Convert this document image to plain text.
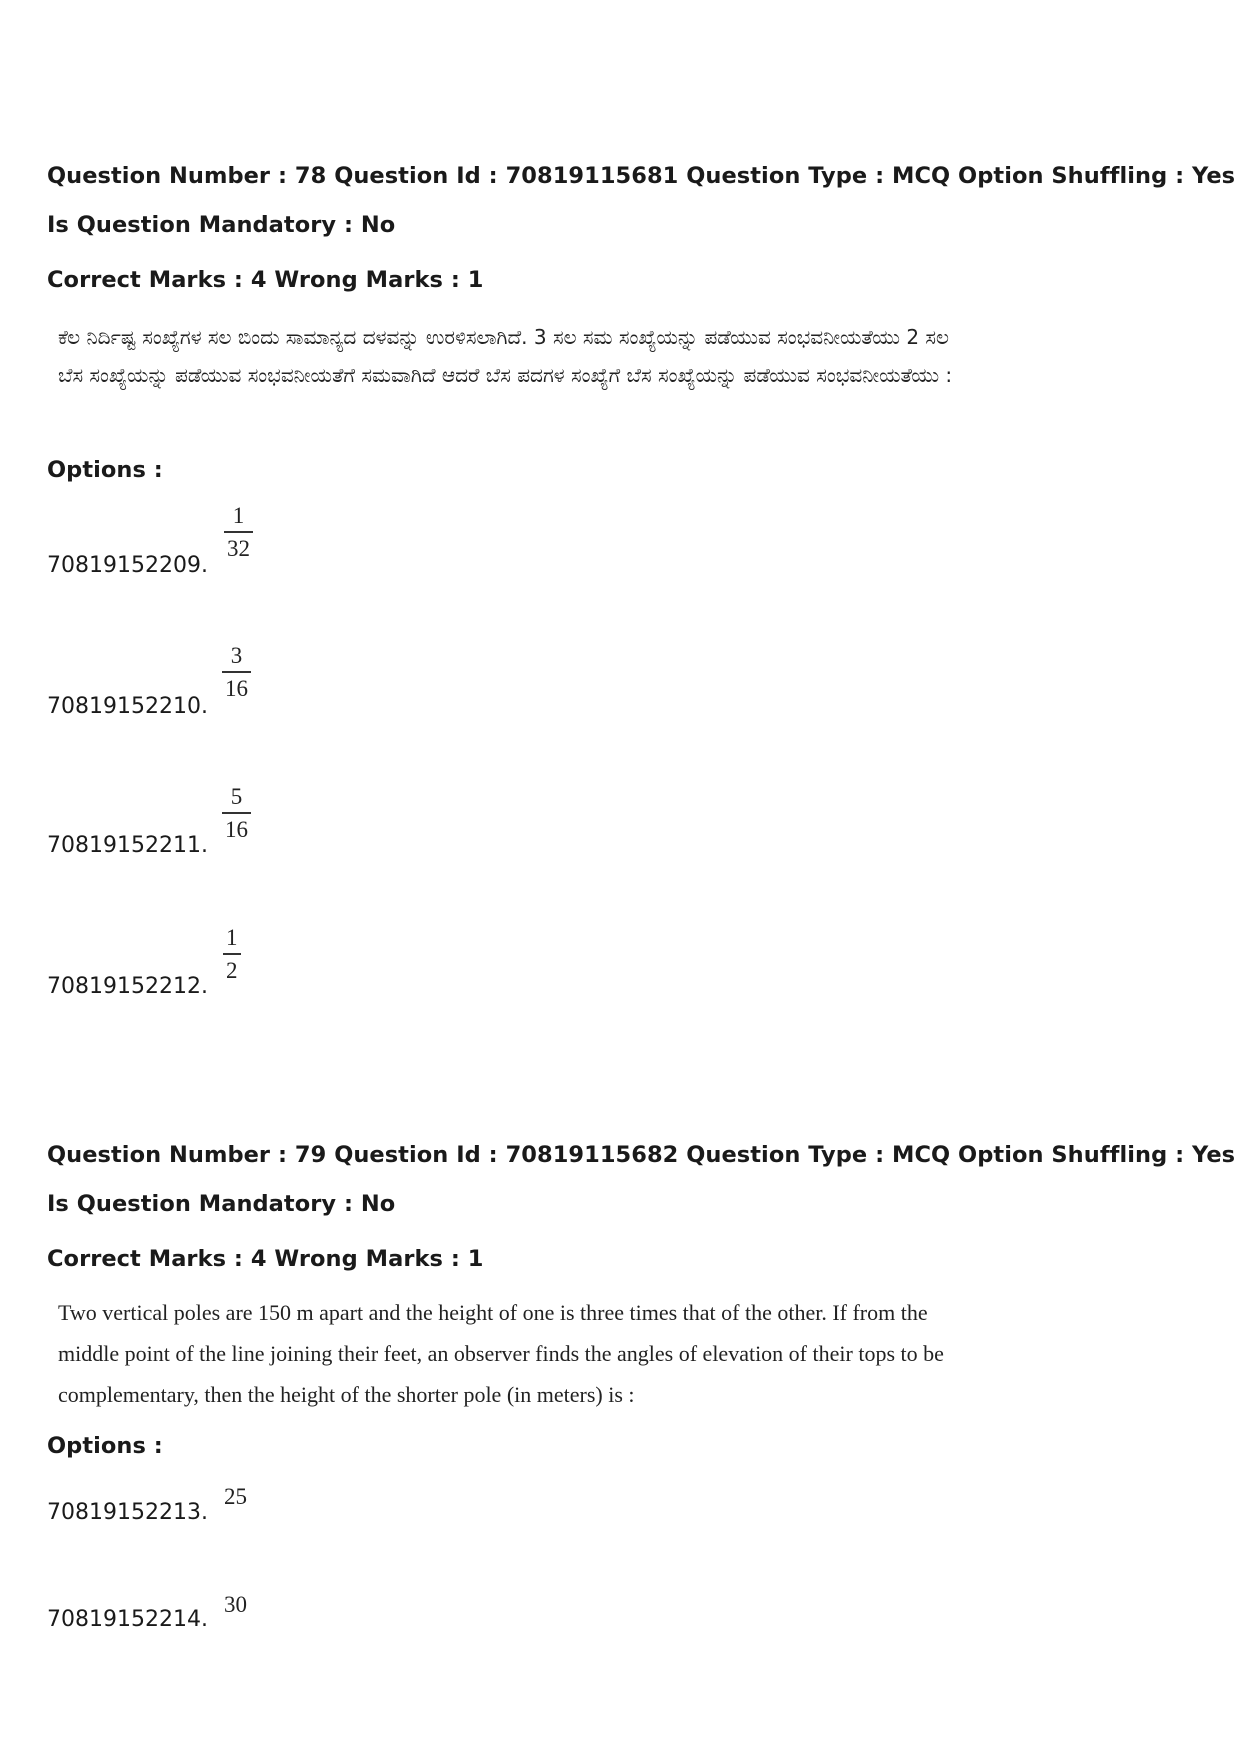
Question Number : 78 Question Id : 70819115681 Question Type : MCQ Option Shuffling : Yes
Is Question Mandatory : No
Correct Marks : 4 Wrong Marks : 1
ಕೆಲ ನಿರ್ದಿಷ್ಟ ಸಂಖ್ಯೆಗಳ ಸಲ ಬಿಂದು ಸಾಮಾನ್ಯದ ದಳವನ್ನು ಉರಳಿಸಲಾಗಿದೆ. 3 ಸಲ ಸಮ ಸಂಖ್ಯೆಯನ್ನು ಪಡೆಯುವ ಸಂಭವನೀಯತೆಯು 2 ಸಲ ಬೆಸ ಸಂಖ್ಯೆಯನ್ನು ಪಡೆಯುವ ಸಂಭವನೀಯತೆಗೆ ಸಮವಾಗಿದೆ ಆದರೆ ಬೆಸ ಪದಗಳ ಸಂಖ್ಯೆಗೆ ಬೆಸ ಸಂಖ್ಯೆಯನ್ನು ಪಡೆಯುವ ಸಂಭವನೀಯತೆಯು :
Options :
70819152209.
1
32
70819152210.
3
16
70819152211.
5
16
70819152212.
1
2
Question Number : 79 Question Id : 70819115682 Question Type : MCQ Option Shuffling : Yes
Is Question Mandatory : No
Correct Marks : 4 Wrong Marks : 1
Two vertical poles are 150 m apart and the height of one is three times that of the other. If from the middle point of the line joining their feet, an observer finds the angles of elevation of their tops to be complementary, then the height of the shorter pole (in meters) is :
Options :
70819152213.
25
70819152214.
30
